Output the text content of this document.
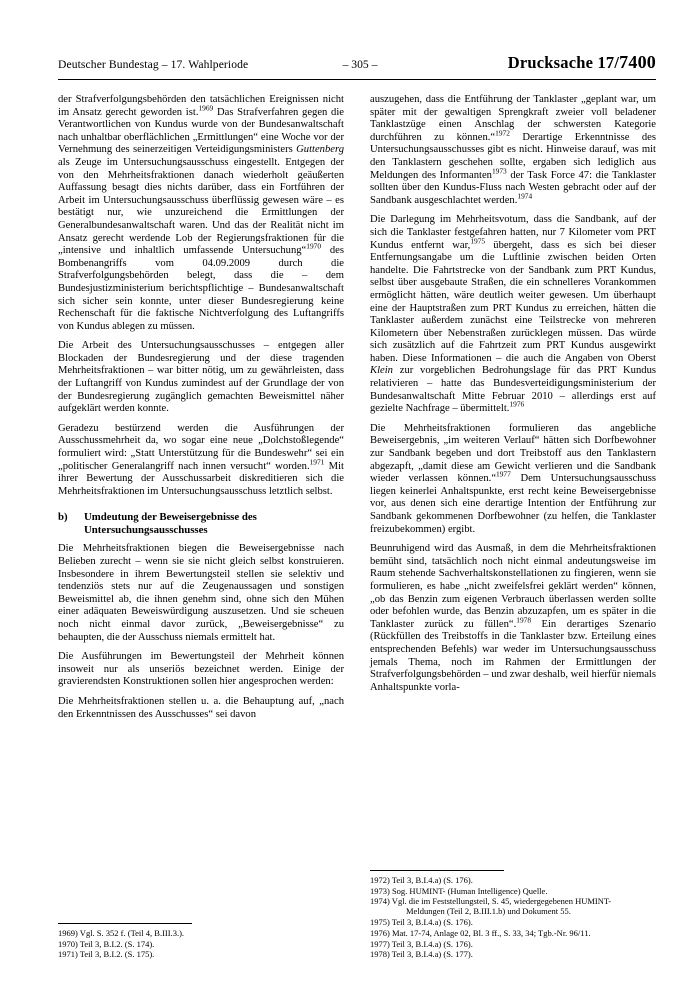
Deutscher Bundestag – 17. Wahlperiode	– 305 –	Drucksache 17/7400

der Strafverfolgungsbehörden den tatsächlichen Ereignissen nicht im Ansatz gerecht geworden ist.$^{1969}$ Das Strafverfahren gegen die Verantwortlichen von Kundus wurde von der Bundesanwaltschaft nach unhaltbar oberflächlichen „Ermittlungen“ eine Woche vor der Vernehmung des seinerzeitigen Verteidigungsministers Guttenberg als Zeuge im Untersuchungsausschuss eingestellt. Entgegen der von den Mehrheitsfraktionen danach wiederholt geäußerten Auffassung besagt dies nichts darüber, dass ein Fortführen der Arbeit im Untersuchungsausschuss überflüssig gewesen wäre – es bestätigt nur, wie unzureichend die Ermittlungen der Generalbundesanwaltschaft waren. Und das der Realität nicht im Ansatz gerecht werdende Lob der Regierungsfraktionen für die „intensive und inhaltlich umfassende Untersuchung“$^{1970}$ des Bombenangriffs vom 04.09.2009 durch die Strafverfolgungsbehörden belegt, dass die – dem Bundesjustizministerium berichtspflichtige – Bundesanwaltschaft sich sicher sein konnte, unter dieser Bundesregierung keine Rechenschaft für die faktische Nichtverfolgung des Luftangriffs von Kundus ablegen zu müssen.

Die Arbeit des Untersuchungsausschusses – entgegen aller Blockaden der Bundesregierung und der diese tragenden Mehrheitsfraktionen – war bitter nötig, um zu gewährleisten, dass der Luftangriff von Kundus zumindest auf der Grundlage der von der Bundesregierung zugänglich gemachten Beweismittel näher aufgeklärt werden konnte.

Geradezu bestürzend werden die Ausführungen der Ausschussmehrheit da, wo sogar eine neue „Dolchstoßlegende“ formuliert wird: „Statt Unterstützung für die Bundeswehr“ sei ein „politischer Generalangriff nach innen versucht“ worden.$^{1971}$ Mit ihrer Bewertung der Ausschussarbeit diskreditieren sich die Mehrheitsfraktionen im Untersuchungsausschuss letztlich selbst.

b)	Umdeutung der Beweisergebnisse des Untersuchungsausschusses

Die Mehrheitsfraktionen biegen die Beweisergebnisse nach Belieben zurecht – wenn sie sie nicht gleich selbst konstruieren. Insbesondere in ihrem Bewertungsteil stellen sie selektiv und tendenziös stets nur auf die Zeugenaussagen und sonstigen Beweismittel ab, die ihnen genehm sind, ohne sich den Mühen einer adäquaten Beweiswürdigung auszusetzen. Und sie scheuen noch nicht einmal davor zurück, „Beweisergebnisse“ zu behaupten, die der Ausschuss niemals ermittelt hat.

Die Ausführungen im Bewertungsteil der Mehrheit können insoweit nur als unseriös bezeichnet werden. Einige der gravierendsten Konstruktionen sollen hier angesprochen werden:

Die Mehrheitsfraktionen stellen u. a. die Behauptung auf, „nach den Erkenntnissen des Ausschusses“ sei davon

1969) Vgl. S. 352 f. (Teil 4, B.III.3.).
1970) Teil 3, B.I.2. (S. 174).
1971) Teil 3, B.I.2. (S. 175).

auszugehen, dass die Entführung der Tanklaster „geplant war, um später mit der gewaltigen Sprengkraft zweier voll beladener Tanklastzüge einen Anschlag der schwersten Kategorie durchführen zu können.“$^{1972}$ Derartige Erkenntnisse des Untersuchungsausschusses gibt es nicht. Hinweise darauf, was mit den Tanklastern geschehen sollte, ergaben sich lediglich aus Meldungen des Informanten$^{1973}$ der Task Force 47: die Tanklaster sollten über den Kundus-Fluss nach Westen gebracht oder auf der Sandbank ausgeschlachtet werden.$^{1974}$

Die Darlegung im Mehrheitsvotum, dass die Sandbank, auf der sich die Tanklaster festgefahren hatten, nur 7 Kilometer vom PRT Kundus entfernt war,$^{1975}$ übergeht, dass es sich bei dieser Entfernungsangabe um die Luftlinie zwischen beiden Orten handelte. Die Fahrtstrecke von der Sandbank zum PRT Kundus, selbst über ausgebaute Straßen, die ein schnelleres Vorankommen ermöglicht hätten, wäre deutlich weiter gewesen. Um überhaupt eine der Hauptstraßen zum PRT Kundus zu erreichen, hätten die Tanklaster außerdem zunächst eine Teilstrecke von mehreren Kilometern über Nebenstraßen zurücklegen müssen. Das würde sich zusätzlich auf die Fahrtzeit zum PRT Kundus ausgewirkt haben. Diese Informationen – die auch die Angaben von Oberst Klein zur vorgeblichen Bedrohungslage für das PRT Kundus relativieren – hatte das Bundesverteidigungsministerium der Bundesanwaltschaft Mitte Februar 2010 – allerdings erst auf gezielte Nachfrage – übermittelt.$^{1976}$

Die Mehrheitsfraktionen formulieren das angebliche Beweisergebnis, „im weiteren Verlauf“ hätten sich Dorfbewohner zur Sandbank begeben und dort Treibstoff aus den Tanklastern abgezapft, „damit diese am Gewicht verlieren und die Sandbank wieder verlassen können.“$^{1977}$ Dem Untersuchungsausschuss liegen keinerlei Anhaltspunkte, erst recht keine Beweisergebnisse vor, aus denen sich eine derartige Intention der Entführung zur Sandbank gekommenen Dorfbewohner (zu helfen, die Tanklaster freizubekommen) ergibt.

Beunruhigend wird das Ausmaß, in dem die Mehrheitsfraktionen bemüht sind, tatsächlich noch nicht einmal andeutungsweise im Raum stehende Sachverhaltskonstellationen zu fingieren, wenn sie formulieren, es habe „nicht zweifelsfrei geklärt werden“ können, „ob das Benzin zum eigenen Verbrauch überlassen werden sollte oder befohlen wurde, das Benzin abzuzapfen, um es später in die Tanklaster zurück zu füllen“.$^{1978}$ Ein derartiges Szenario (Rückfüllen des Treibstoffs in die Tanklaster bzw. Erteilung eines entsprechenden Befehls) war weder im Untersuchungsausschuss jemals Thema, noch im Rahmen der Ermittlungen der Strafverfolgungsbehörden – und zwar deshalb, weil hierfür niemals Anhaltspunkte vorla-

1972) Teil 3, B.I.4.a) (S. 176).
1973) Sog. HUMINT- (Human Intelligence) Quelle.
1974) Vgl. die im Feststellungsteil, S. 45, wiedergegebenen HUMINT-
Meldungen (Teil 2, B.III.1.b) und Dokument 55.
1975) Teil 3, B.I.4.a) (S. 176).
1976) Mat. 17-74, Anlage 02, Bl. 3 ff., S. 33, 34; Tgb.-Nr. 96/11.
1977) Teil 3, B.I.4.a) (S. 176).
1978) Teil 3, B.I.4.a) (S. 177).
